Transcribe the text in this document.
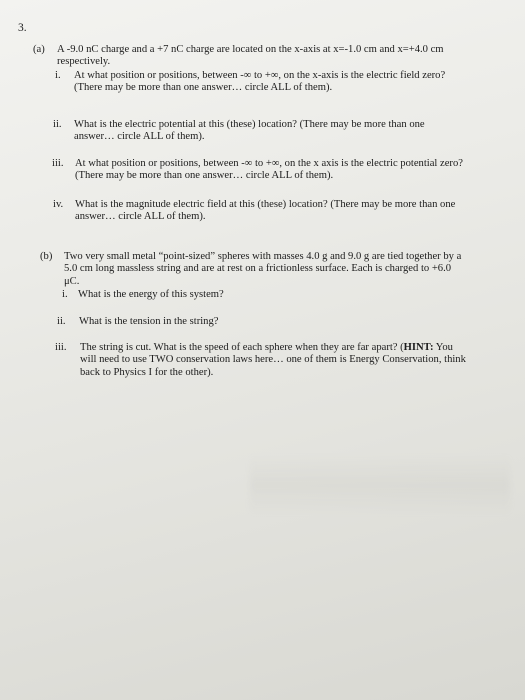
3.
(a) A -9.0 nC charge and a +7 nC charge are located on the x-axis at x=-1.0 cm and x=+4.0 cm
respectively.
i. At what position or positions, between -∞ to +∞, on the x-axis is the electric field zero?
(There may be more than one answer… circle ALL of them).
ii. What is the electric potential at this (these) location? (There may be more than one
answer… circle ALL of them).
iii. At what position or positions, between -∞ to +∞, on the x axis is the electric potential zero?
(There may be more than one answer… circle ALL of them).
iv. What is the magnitude electric field at this (these) location? (There may be more than one
answer… circle ALL of them).
(b) Two very small metal “point-sized” spheres with masses 4.0 g and 9.0 g are tied together by a
5.0 cm long massless string and are at rest on a frictionless surface. Each is charged to +6.0
μC.
i. What is the energy of this system?
ii. What is the tension in the string?
iii. The string is cut. What is the speed of each sphere when they are far apart? (HINT: You
will need to use TWO conservation laws here… one of them is Energy Conservation, think
back to Physics I for the other).
